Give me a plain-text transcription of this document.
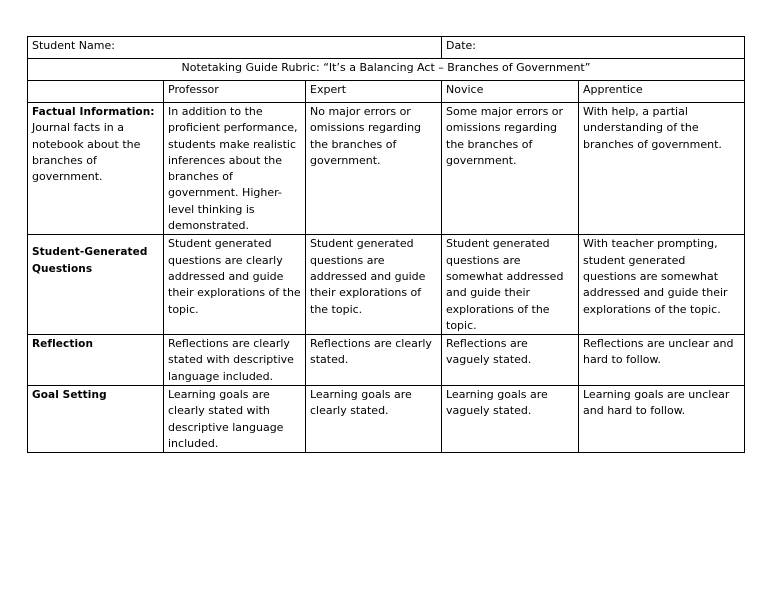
Student Name:			Date:	
Notetaking Guide Rubric: “It’s a Balancing Act – Branches of Government”				
	Professor	Expert	Novice	Apprentice
Factual Information: Journal facts in a notebook about the branches of government.	In addition to the proficient performance, students make realistic inferences about the branches of government. Higher-level thinking is demonstrated.	No major errors or omissions regarding the branches of government.	Some major errors or omissions regarding the branches of government.	With help, a partial understanding of the branches of government.

Student-Generated Questions	Student generated questions are clearly addressed and guide their explorations of the topic.	Student generated questions are addressed and guide their explorations of the topic.	Student generated questions are somewhat addressed and guide their explorations of the topic.	With teacher prompting, student generated questions are somewhat addressed and guide their explorations of the topic.
Reflection	Reflections are clearly stated with descriptive language included.	Reflections are clearly stated.	Reflections are vaguely stated.	Reflections are unclear and hard to follow.
Goal Setting	Learning goals are clearly stated with descriptive language included.	Learning goals are clearly stated.	Learning goals are vaguely stated.	Learning goals are unclear and hard to follow.
